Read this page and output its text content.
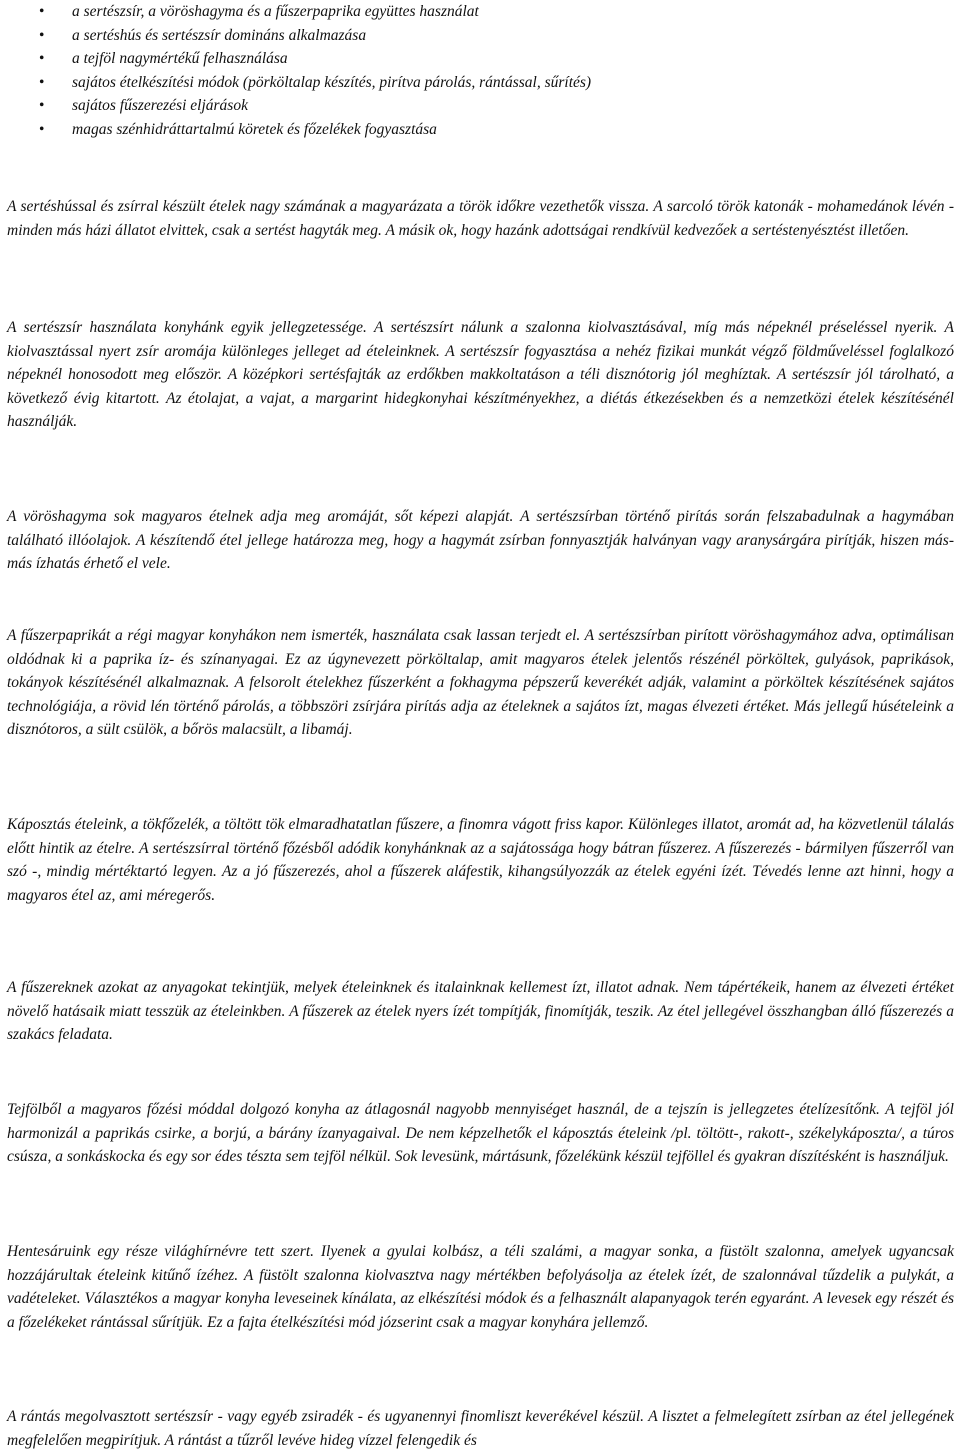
• a sertészsír, a vöröshagyma és a fűszerpaprika együttes használat
• a sertéshús és sertészsír domináns alkalmazása
• a tejföl nagymértékű felhasználása
• sajátos ételkészítési módok (pörköltalap készítés, pirítva párolás, rántással, sűrítés)
• sajátos fűszerezési eljárások
• magas szénhidráttartalmú köretek és főzelékek fogyasztása

A sertéshússal és zsírral készült ételek nagy számának a magyarázata a török időkre vezethetők vissza. A sarcoló török katonák - mohamedánok lévén - minden más házi állatot elvittek, csak a sertést hagyták meg. A másik ok, hogy hazánk adottságai rendkívül kedvezőek a sertéstenyésztést illetően.

A sertészsír használata konyhánk egyik jellegzetessége. A sertészsírt nálunk a szalonna kiolvasztásával, míg más népeknél préseléssel nyerik. A kiolvasztással nyert zsír aromája különleges jelleget ad ételeinknek. A sertészsír fogyasztása a nehéz fizikai munkát végző földműveléssel foglalkozó népeknél honosodott meg először. A középkori sertésfajták az erdőkben makkoltatáson a téli disznótorig jól meghíztak. A sertészsír jól tárolható, a következő évig kitartott. Az étolajat, a vajat, a margarint hidegkonyhai készítményekhez, a diétás étkezésekben és a nemzetközi ételek készítésénél használják.

A vöröshagyma sok magyaros ételnek adja meg aromáját, sőt képezi alapját. A sertészsírban történő pirítás során felszabadulnak a hagymában található illóolajok. A készítendő étel jellege határozza meg, hogy a hagymát zsírban fonnyasztják halványan vagy aranysárgára pirítják, hiszen más-más ízhatás érhető el vele.

A fűszerpaprikát a régi magyar konyhákon nem ismerték, használata csak lassan terjedt el. A sertészsírban pirított vöröshagymához adva, optimálisan oldódnak ki a paprika íz- és színanyagai. Ez az úgynevezett pörköltalap, amit magyaros ételek jelentős részénél pörköltek, gulyások, paprikások, tokányok készítésénél alkalmaznak. A felsorolt ételekhez fűszerként a fokhagyma pépszerű keverékét adják, valamint a pörköltek készítésének sajátos technológiája, a rövid lén történő párolás, a többszöri zsírjára pirítás adja az ételeknek a sajátos ízt, magas élvezeti értéket. Más jellegű húsételeink a disznótoros, a sült csülök, a bőrös malacsült, a libamáj.

Káposztás ételeink, a tökfőzelék, a töltött tök elmaradhatatlan fűszere, a finomra vágott friss kapor. Különleges illatot, aromát ad, ha közvetlenül tálalás előtt hintik az ételre. A sertészsírral történő főzésből adódik konyhánknak az a sajátossága hogy bátran fűszerez. A fűszerezés - bármilyen fűszerről van szó -, mindig mértéktartó legyen. Az a jó fűszerezés, ahol a fűszerek aláfestik, kihangsúlyozzák az ételek egyéni ízét. Tévedés lenne azt hinni, hogy a magyaros étel az, ami méregerős.

A fűszereknek azokat az anyagokat tekintjük, melyek ételeinknek és italainknak kellemest ízt, illatot adnak. Nem tápértékeik, hanem az élvezeti értéket növelő hatásaik miatt tesszük az ételeinkben. A fűszerek az ételek nyers ízét tompítják, finomítják, teszik. Az étel jellegével összhangban álló fűszerezés a szakács feladata.

Tejfölből a magyaros főzési móddal dolgozó konyha az átlagosnál nagyobb mennyiséget használ, de a tejszín is jellegzetes ételízesítőnk. A tejföl jól harmonizál a paprikás csirke, a borjú, a bárány ízanyagaival. De nem képzelhetők el káposztás ételeink /pl. töltött-, rakott-, székelykáposzta/, a túros csúsza, a sonkáskocka és egy sor édes tészta sem tejföl nélkül. Sok levesünk, mártásunk, főzelékünk készül tejföllel és gyakran díszítésként is használjuk.

Hentesáruink egy része világhírnévre tett szert. Ilyenek a gyulai kolbász, a téli szalámi, a magyar sonka, a füstölt szalonna, amelyek ugyancsak hozzájárultak ételeink kitűnő ízéhez. A füstölt szalonna kiolvasztva nagy mértékben befolyásolja az ételek ízét, de szalonnával tűzdelik a pulykát, a vadételeket. Választékos a magyar konyha leveseinek kínálata, az elkészítési módok és a felhasznált alapanyagok terén egyaránt. A levesek egy részét és a főzelékeket rántással sűrítjük. Ez a fajta ételkészítési mód józserint csak a magyar konyhára jellemző.

A rántás megolvasztott sertészsír - vagy egyéb zsiradék - és ugyanennyi finomliszt keverékével készül. A lisztet a felmelegített zsírban az étel jellegének megfelelően megpirítjuk. A rántást a tűzről levéve hideg vízzel felengedik és
